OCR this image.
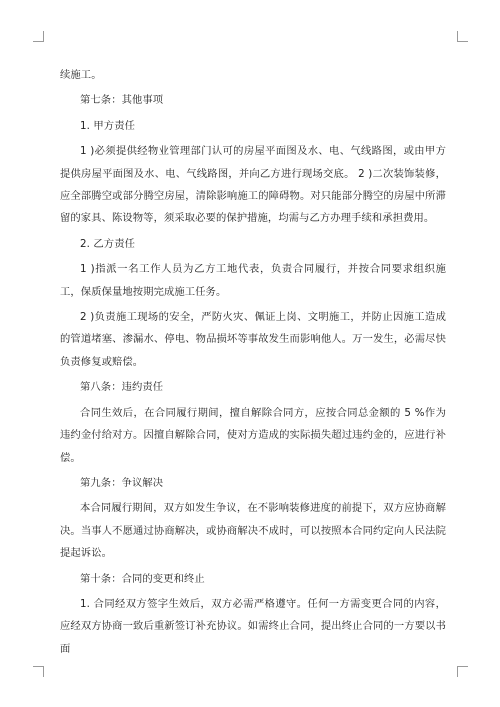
续施工。

第七条：其他事项

1. 甲方责任

1 )必须提供经物业管理部门认可的房屋平面图及水、电、气线路图，或由甲方提供房屋平面图及水、电、气线路图，并向乙方进行现场交底。 2 )二次装饰装修，应全部腾空或部分腾空房屋，清除影响施工的障碍物。对只能部分腾空的房屋中所滞留的家具、陈设物等，须采取必要的保护措施，均需与乙方办理手续和承担费用。

2. 乙方责任

1 )指派一名工作人员为乙方工地代表，负责合同履行，并按合同要求组织施工，保质保量地按期完成施工任务。

2 )负责施工现场的安全，严防火灾、佩证上岗、文明施工，并防止因施工造成的管道堵塞、渗漏水、停电、物品损坏等事故发生而影响他人。万一发生，必需尽快负责修复或赔偿。

第八条：违约责任

合同生效后，在合同履行期间，擅自解除合同方，应按合同总金额的 5 %作为违约金付给对方。因擅自解除合同，使对方造成的实际损失超过违约金的，应进行补偿。

第九条：争议解决

本合同履行期间，双方如发生争议，在不影响装修进度的前提下，双方应协商解决。当事人不愿通过协商解决，或协商解决不成时，可以按照本合同约定向人民法院提起诉讼。

第十条：合同的变更和终止

1. 合同经双方签字生效后，双方必需严格遵守。任何一方需变更合同的内容，应经双方协商一致后重新签订补充协议。如需终止合同，提出终止合同的一方要以书面
